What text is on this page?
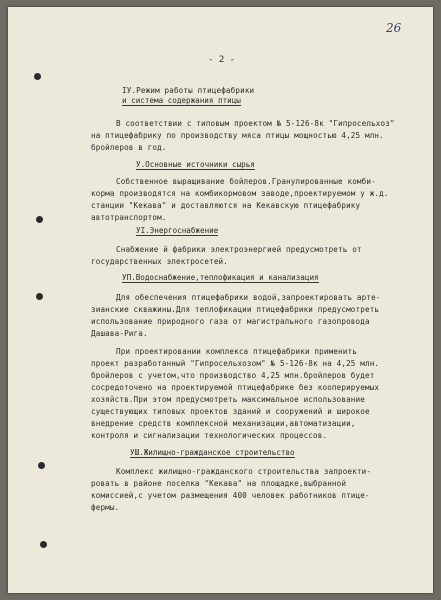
26
- 2 -
IУ.Режим работы птицефабрики
и система содержания птицы
В соответствии с типовым проектом № 5-126-8к "Гипросельхоз"
на птицефабрику по производству мяса птицы мощностью 4,25 млн.
бройлеров в год.
У.Основные источники сырья
Собственное выращивание бойлеров.Гранулированные комби-
корма производятся на комбикормовом заводе,проектируемом у ж.д.
станции "Кекава" и доставляются на Кекавскую птицефабрику
автотранспортом.
УI.Энергоснабжение
Снабжение й фабрики электроэнергией предусмотреть от
государственных электросетей.
УП.Водоснабжение,теплофикация и канализация
Для обеспечения птицефабрики водой,запроектировать арте-
зианские скважины.Для теплофикации птицефабрики предусмотреть
использование природного газа от магистрального газопровода
Дашава-Рига.
При проектировании комплекса птицефабрики применить
проект разработанный "Гипросельхозом" № 5-126-8к на 4,25 млн.
бройлеров с учетом,что производство 4,25 млн.бройлеров будет
сосредоточено на проектируемой птицефабрике без кооперируемых
хозяйств.При этом предусмотреть максимальное использование
существующих типовых проектов зданий и сооружений и широкое
внедрение средств комплексной механизации,автоматизации,
контроля и сигнализации технологических процессов.
УШ.Жилищно-гражданское строительство
Комплекс жилищно-гражданского строительства запроекти-
ровать в районе поселка "Кекава" на площадке,выбранной
комиссией,с учетом размещения 400 человек работников птице-
фермы.
